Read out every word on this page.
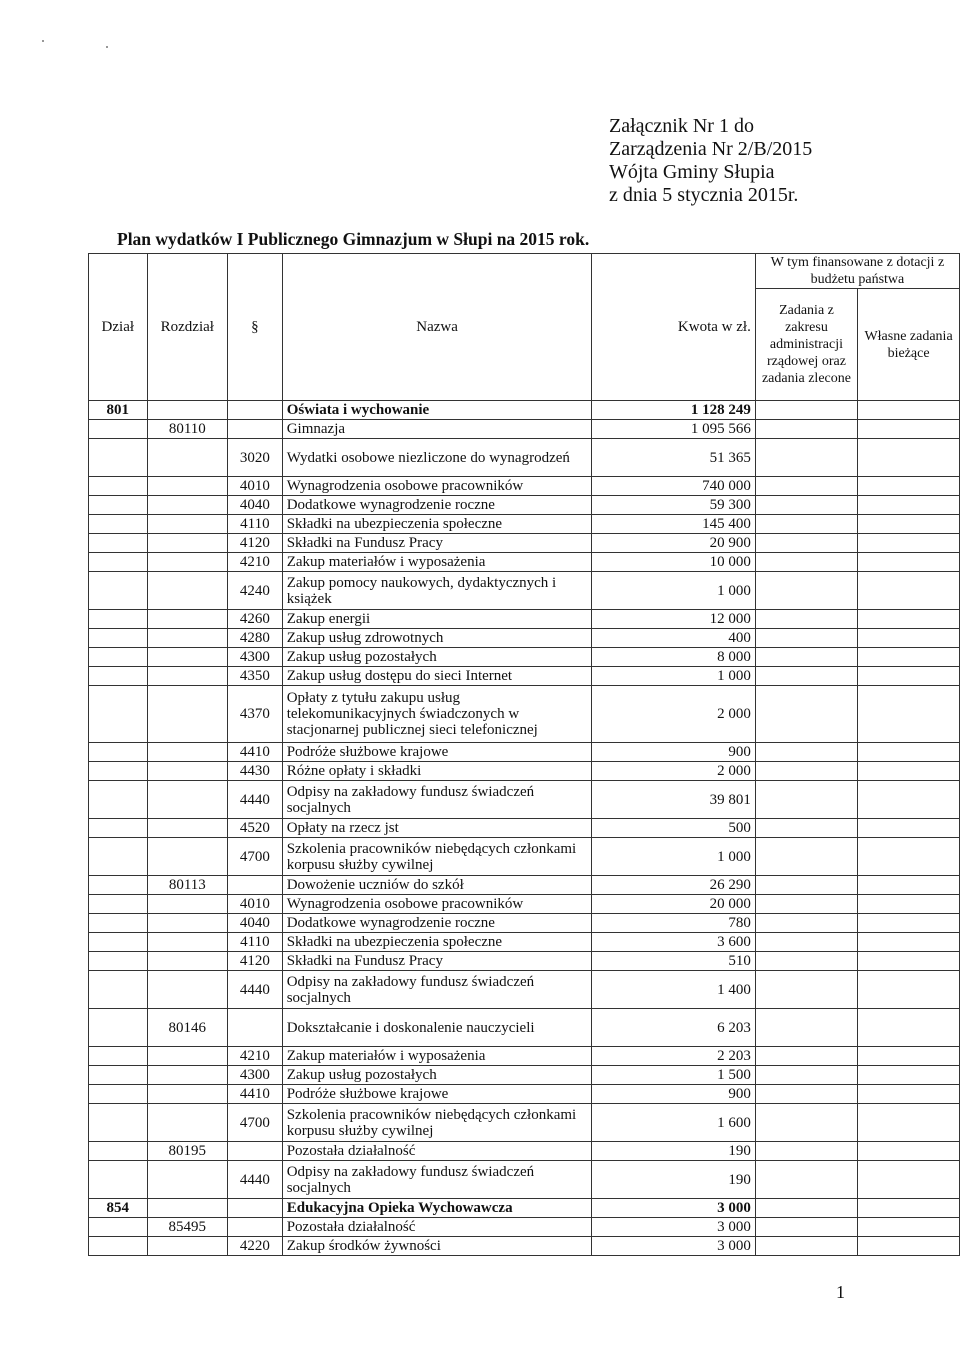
Załącznik Nr 1 do
Zarządzenia Nr 2/B/2015
Wójta Gminy Słupia
z dnia 5 stycznia 2015r.
Plan wydatków I Publicznego Gimnazjum w Słupi na 2015 rok.
Dział	Rozdział	§	Nazwa	Kwota w zł.	W tym finansowane z dotacji z budżetu państwa	
					Zadania z zakresu administracji rządowej oraz zadania zlecone	Własne zadania bieżące
801			Oświata i wychowanie	1 128 249		
	80110		Gimnazja	1 095 566		
		3020	Wydatki osobowe niezliczone do wynagrodzeń	51 365		
		4010	Wynagrodzenia osobowe pracowników	740 000		
		4040	Dodatkowe wynagrodzenie roczne	59 300		
		4110	Składki na ubezpieczenia społeczne	145 400		
		4120	Składki na Fundusz Pracy	20 900		
		4210	Zakup materiałów i wyposażenia	10 000		
		4240	Zakup pomocy naukowych, dydaktycznych i książek	1 000		
		4260	Zakup energii	12 000		
		4280	Zakup usług zdrowotnych	400		
		4300	Zakup usług pozostałych	8 000		
		4350	Zakup usług dostępu do sieci Internet	1 000		
		4370	Opłaty z tytułu zakupu usług telekomunikacyjnych świadczonych w stacjonarnej publicznej sieci telefonicznej	2 000		
		4410	Podróże służbowe krajowe	900		
		4430	Różne opłaty i składki	2 000		
		4440	Odpisy na zakładowy fundusz świadczeń socjalnych	39 801		
		4520	Opłaty na rzecz jst	500		
		4700	Szkolenia pracowników niebędących członkami korpusu służby cywilnej	1 000		
	80113		Dowożenie uczniów do szkół	26 290		
		4010	Wynagrodzenia osobowe pracowników	20 000		
		4040	Dodatkowe wynagrodzenie roczne	780		
		4110	Składki na ubezpieczenia społeczne	3 600		
		4120	Składki na Fundusz Pracy	510		
		4440	Odpisy na zakładowy fundusz świadczeń socjalnych	1 400		
	80146		Dokształcanie i doskonalenie nauczycieli	6 203		
		4210	Zakup materiałów i wyposażenia	2 203		
		4300	Zakup usług pozostałych	1 500		
		4410	Podróże służbowe krajowe	900		
		4700	Szkolenia pracowników niebędących członkami korpusu służby cywilnej	1 600		
	80195		Pozostała działalność	190		
		4440	Odpisy na zakładowy fundusz świadczeń socjalnych	190		
854			Edukacyjna Opieka Wychowawcza	3 000		
	85495		Pozostała działalność	3 000		
		4220	Zakup środków żywności	3 000		
1
